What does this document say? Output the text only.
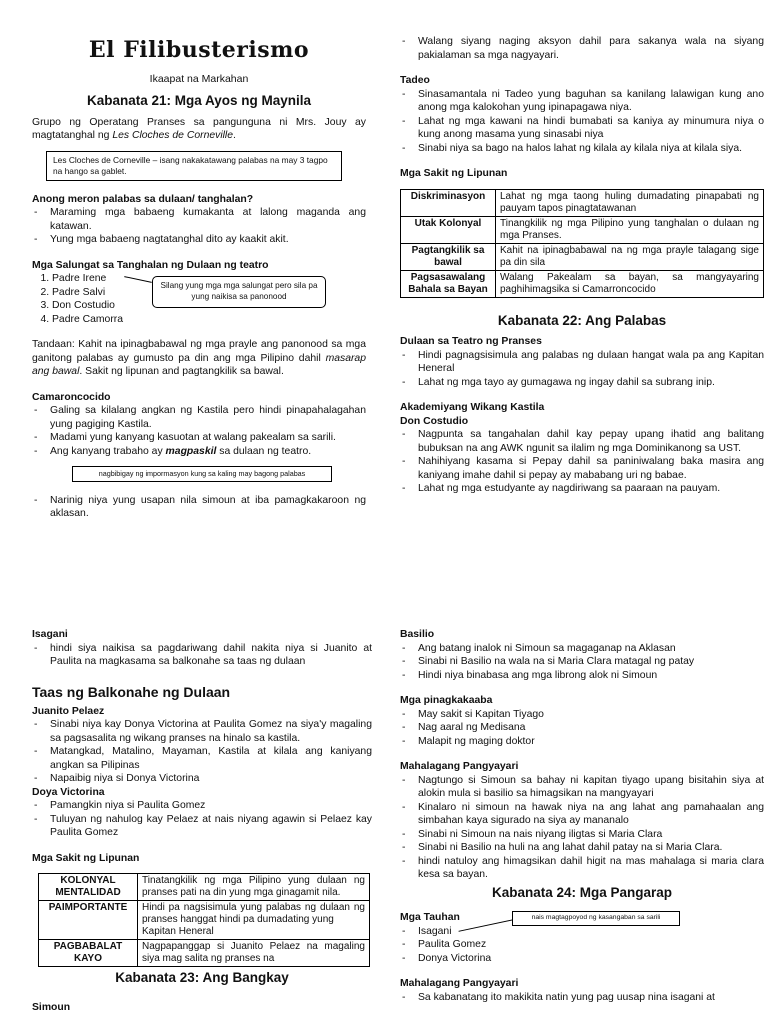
El Filibusterismo
Ikaapat na Markahan
Kabanata 21: Mga Ayos ng Maynila

Grupo ng Operatang Pranses sa pangunguna ni Mrs. Jouy ay magtatanghal ng Les Cloches de Corneville.

Les Cloches de Corneville – isang nakakatawang palabas na may 3 tagpo na hango sa gablet.

Anong meron palabas sa dulaan/ tanghalan?

- Maraming mga babaeng kumakanta at lalong maganda ang katawan.
- Yung mga babaeng nagtatanghal dito ay kaakit akit.

Mga Salungat sa Tanghalan ng Dulaan ng teatro

1. Padre Irene
2. Padre Salvi
3. Don Costudio
4. Padre Camorra
Silang yung mga mga salungat pero sila pa yung naikisa sa panonood

Tandaan: Kahit na ipinagbabawal ng mga prayle ang panonood sa mga ganitong palabas ay gumusto pa din ang mga Pilipino dahil masarap ang bawal. Sakit ng lipunan and pagtangkilik sa bawal.

Camaroncocido

- Galing sa kilalang angkan ng Kastila pero hindi pinapahalagahan yung pagiging Kastila.
- Madami yung kanyang kasuotan at walang pakealam sa sarili.
- Ang kanyang trabaho ay magpaskil sa dulaan ng teatro.
nagbibigay ng impormasyon kung sa kaling may bagong palabas
- Narinig niya yung usapan nila simoun at iba pamagkakaroon ng aklasan.
- Walang siyang naging aksyon dahil para sakanya wala na siyang pakialaman sa mga nagyayari.

Tadeo

- Sinasamantala ni Tadeo yung baguhan sa kanilang lalawigan kung ano anong mga kalokohan yung ipinapagawa niya.
- Lahat ng mga kawani na hindi bumabati sa kaniya ay minumura niya o kung anong masama yung sinasabi niya
- Sinabi niya sa bago na halos lahat ng kilala ay kilala niya at kilala siya.

Mga Sakit ng Lipunan

Diskriminasyon	Lahat ng mga taong huling dumadating pinapabati ng pauyam tapos pinagtatawanan
Utak Kolonyal	Tinangkilik ng mga Pilipino yung tanghalan o dulaan ng mga Pranses.
Pagtangkilik sa bawal	Kahit na ipinagbabawal na ng mga prayle talagang sige pa din sila
Pagsasawalang Bahala sa Bayan	Walang Pakealam sa bayan, sa mangyayaring paghihimagsika si Camarroncocido
Kabanata 22: Ang Palabas

Dulaan sa Teatro ng Pranses

- Hindi pagnagsisimula ang palabas ng dulaan hangat wala pa ang Kapitan Heneral
- Lahat ng mga tayo ay gumagawa ng ingay dahil sa subrang inip.

Akademiyang Wikang Kastila

Don Costudio

- Nagpunta sa tangahalan dahil kay pepay upang ihatid ang balitang bubuksan na ang AWK ngunit sa ilalim ng mga Dominikanong sa UST.
- Nahihiyang kasama si Pepay dahil sa paniniwalang baka masira ang kaniyang imahe dahil si pepay ay mababang uri ng babae.
- Lahat ng mga estudyante ay nagdiriwang sa paaraan na pauyam.

Isagani

- hindi siya naikisa sa pagdariwang dahil nakita niya si Juanito at Paulita na magkasama sa balkonahe sa taas ng dulaan
Taas ng Balkonahe ng Dulaan

Juanito Pelaez

- Sinabi niya kay Donya Victorina at Paulita Gomez na siya'y magaling sa pagsasalita ng wikang pranses na hinalo sa kastila.
- Matangkad, Matalino, Mayaman, Kastila at kilala ang kaniyang angkan sa Pilipinas
- Napaibig niya si Donya Victorina

Doya Victorina

- Pamangkin niya si Paulita Gomez
- Tuluyan ng nahulog kay Pelaez at nais niyang agawin si Pelaez kay Paulita Gomez

Mga Sakit ng Lipunan

KOLONYAL MENTALIDAD	Tinatangkilik ng mga Pilipino yung dulaan ng pranses pati na din yung mga ginagamit nila.
PAIMPORTANTE	Hindi pa nagsisimula yung palabas ng dulaan ng pranses hanggat hindi pa dumadating yung
Kapitan Heneral
PAGBABALAT KAYO	Nagpapanggap si Juanito Pelaez na magaling siya mag salita ng pranses na
Kabanata 23: Ang Bangkay

Simoun

Basilio

- Ang batang inalok ni Simoun sa magaganap na Aklasan
- Sinabi ni Basilio na wala na si Maria Clara matagal ng patay
- Hindi niya binabasa ang mga librong alok ni Simoun

Mga pinagkakaaba

- May sakit si Kapitan Tiyago
- Nag aaral ng Medisana
- Malapit ng maging doktor

Mahalagang Pangyayari

- Nagtungo si Simoun sa bahay ni kapitan tiyago upang bisitahin siya at alokin mula si basilio sa himagsikan na mangyayari
- Kinalaro ni simoun na hawak niya na ang lahat ang pamahaalan ang simbahan kaya sigurado na siya ay mananalo
- Sinabi ni Simoun na nais niyang iligtas si Maria Clara
- Sinabi ni Basilio na huli na ang lahat dahil patay na si Maria Clara.
- hindi natuloy ang himagsikan dahil higit na mas mahalaga si maria clara kesa sa bayan.
Kabanata 24: Mga Pangarap

Mga Tauhan

- Isagani
- Paulita Gomez
- Donya Victorina
nais magtagpoyod ng kasangaban sa sarili

Mahalagang Pangyayari

- Sa kabanatang ito makikita natin yung pag uusap nina isagani at
